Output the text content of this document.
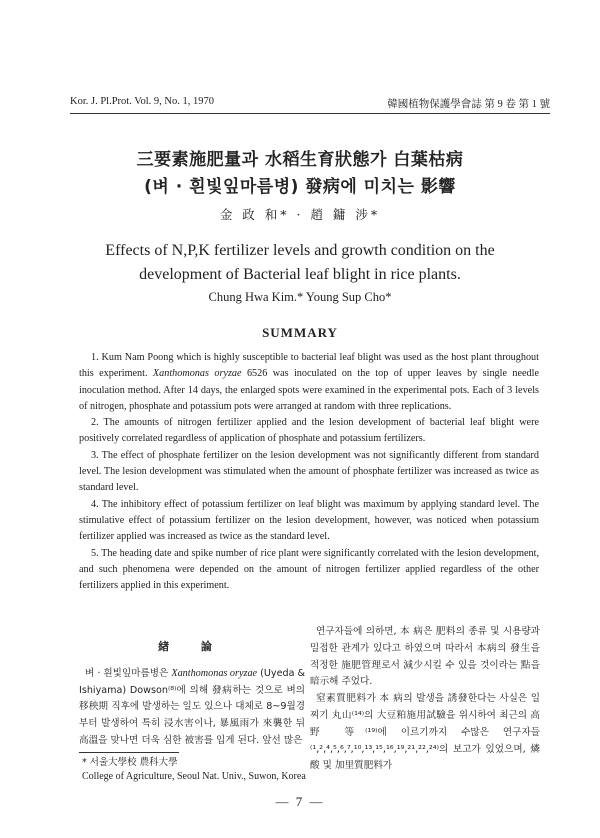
Kor. J. Pl.Prot. Vol. 9, No. 1, 1970	韓國植物保護學會誌 第 9 卷 第 1 號
三要素施肥量과 水稻生育狀態가 白葉枯病
(벼 · 흰빛잎마름병) 發病에 미치는 影響
金 政 和* · 趙 鏞 涉*
Effects of N,P,K fertilizer levels and growth condition on the
development of Bacterial leaf blight in rice plants.
Chung Hwa Kim.* Young Sup Cho*
SUMMARY

1. Kum Nam Poong which is highly susceptible to bacterial leaf blight was used as the host plant throughout this experiment. Xanthomonas oryzae 6526 was inoculated on the top of upper leaves by single needle inoculation method. After 14 days, the enlarged spots were examined in the experimental pots. Each of 3 levels of nitrogen, phosphate and potassium pots were arranged at random with three replications.

2. The amounts of nitrogen fertilizer applied and the lesion development of bacterial leaf blight were positively correlated regardless of application of phosphate and potassium fertilizers.

3. The effect of phosphate fertilizer on the lesion development was not significantly different from standard level. The lesion development was stimulated when the amount of phosphate fertilizer was increased as twice as standard level.

4. The inhibitory effect of potassium fertilizer on leaf blight was maximum by applying standard level. The stimulative effect of potassium fertilizer on the lesion development, however, was noticed when potassium fertilizer applied was increased as twice as the standard level.

5. The heading date and spike number of rice plant were significantly correlated with the lesion development, and such phenomena were depended on the amount of nitrogen fertilizer applied regardless of the other fertilizers applied in this experiment.

緖 論

벼 · 흰빛잎마름병은 Xanthomonas oryzae (Uyeda & Ishiyama) Dowson⁽⁸⁾에 의해 發病하는 것으로 벼의 移秧期 직후에 발생하는 일도 있으나 대체로 8~9월경부터 발생하여 특히 浸水害이나, 暴風雨가 來襲한 뒤 高溫을 맞나면 더욱 심한 被害를 입게 된다. 앞선 많은

연구자들에 의하면, 本 病은 肥料의 종류 및 시용량과 밀접한 관계가 있다고 하였으며 따라서 本病의 發生을 적정한 施肥管理로서 減少시킬 수 있을 것이라는 點을 暗示해 주었다.

窒素質肥料가 本 病의 발생을 誘發한다는 사실은 일찌기 丸山⁽¹⁴⁾의 大豆粕施用試驗을 위시하여 최근의 高野 等⁽¹⁹⁾에 이르기까지 수많은 연구자들⁽¹,²,⁴,⁵,⁶,⁷,¹⁰,¹³,¹⁵,¹⁶,¹⁹,²¹,²²,²⁴⁾의 보고가 있었으며, 燐酸 및 加里質肥料가

* 서울大學校 農科大學
College of Agriculture, Seoul Nat. Univ., Suwon, Korea
— 7 —
